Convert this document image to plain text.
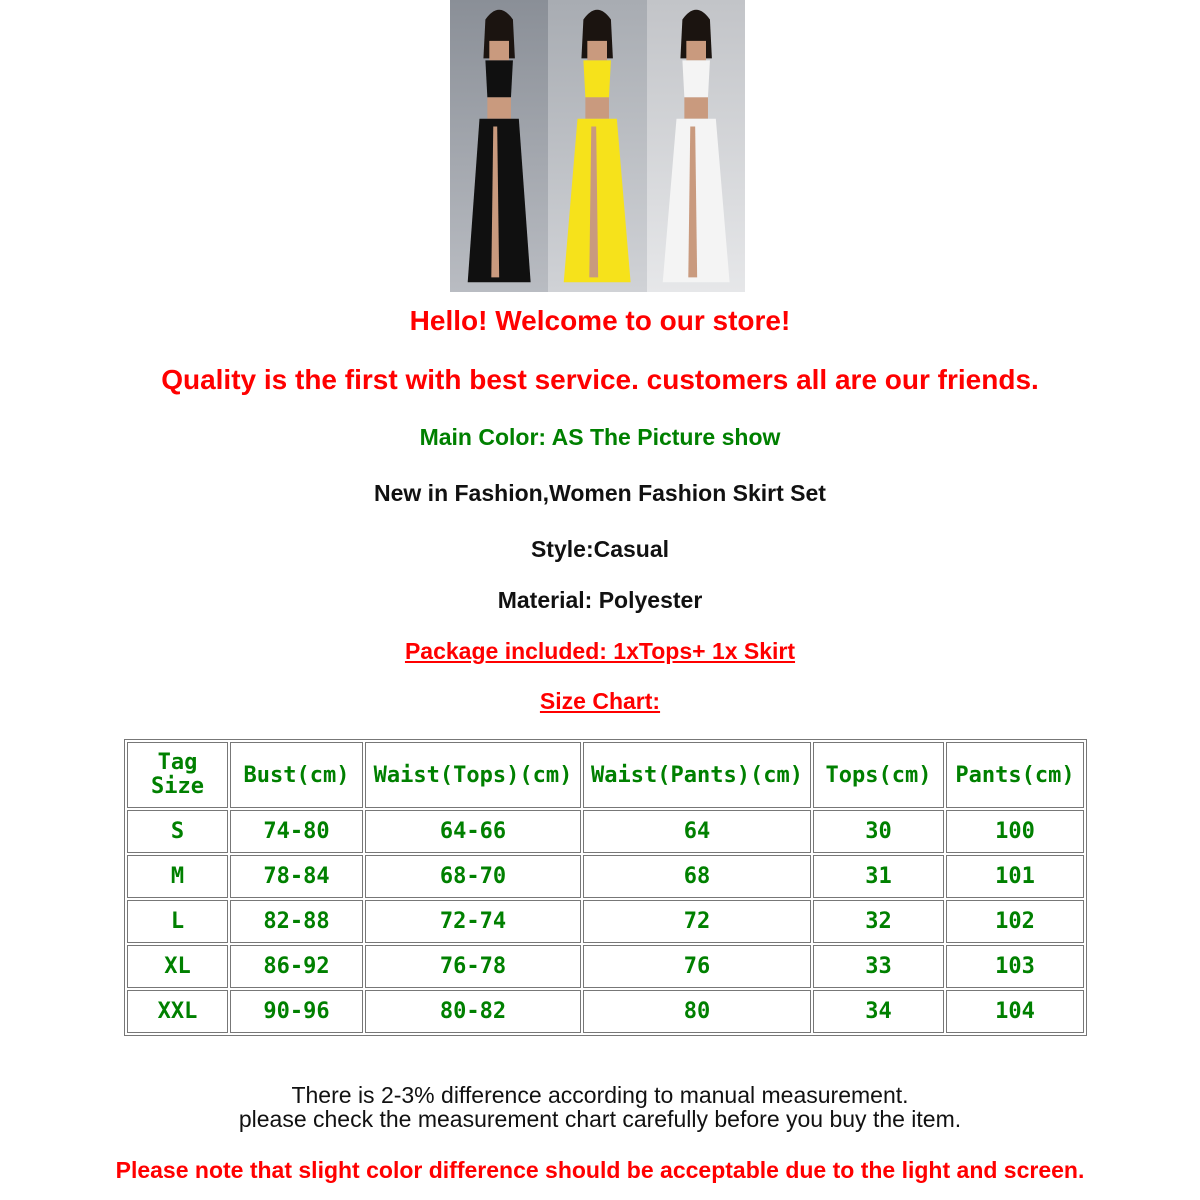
Hello! Welcome to our store!
Quality is the first with best service. customers all are our friends.
Main Color: AS The Picture show
New in Fashion,Women Fashion Skirt Set
Style:Casual
Material: Polyester
Package included: 1xTops+ 1x Skirt
Size Chart:
Tag Size	Bust(cm)	Waist(Tops)(cm)	Waist(Pants)(cm)	Tops(cm)	Pants(cm)
S	74-80	64-66	64	30	100
M	78-84	68-70	68	31	101
L	82-88	72-74	72	32	102
XL	86-92	76-78	76	33	103
XXL	90-96	80-82	80	34	104
There is 2-3% difference according to manual measurement.
please check the measurement chart carefully before you buy the item.
Please note that slight color difference should be acceptable due to the light and screen.
